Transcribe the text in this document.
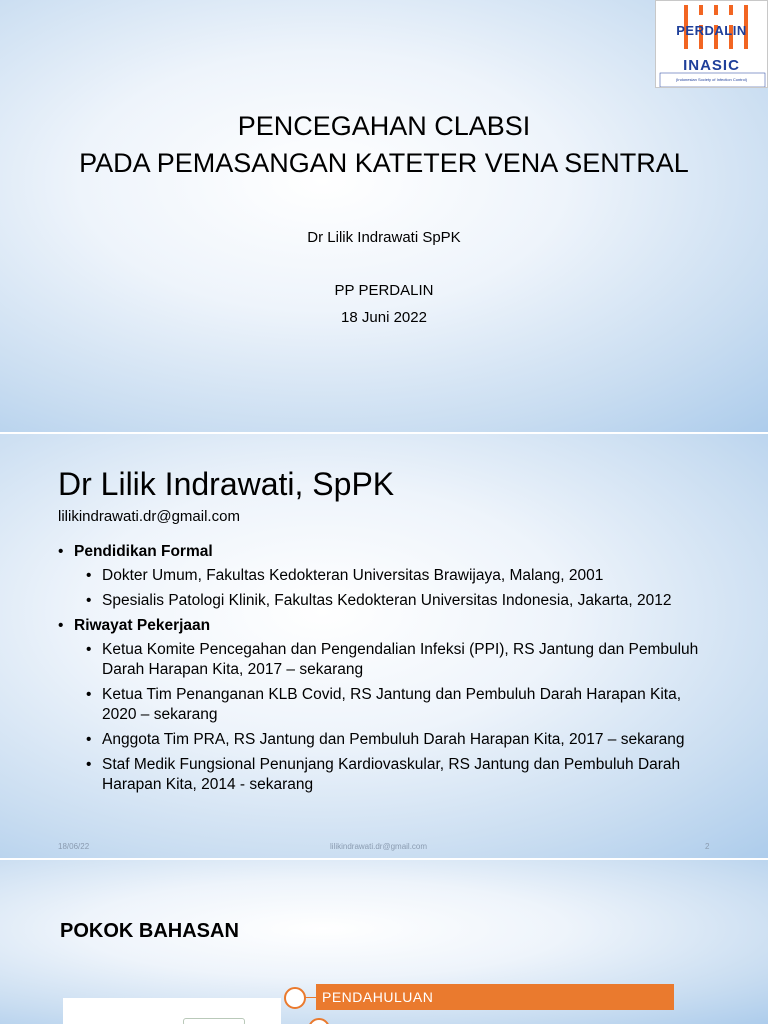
PERDALIN
INASIC
(Indonesian Society of Infection Control)
PENCEGAHAN CLABSI
PADA PEMASANGAN KATETER VENA SENTRAL
Dr Lilik Indrawati SpPK
PP PERDALIN
18 Juni 2022
Dr Lilik Indrawati, SpPK
lilikindrawati.dr@gmail.com
• Pendidikan Formal
• Dokter Umum, Fakultas Kedokteran Universitas Brawijaya, Malang, 2001
• Spesialis Patologi Klinik, Fakultas Kedokteran Universitas Indonesia, Jakarta, 2012
• Riwayat Pekerjaan
• Ketua Komite Pencegahan dan Pengendalian Infeksi (PPI), RS Jantung dan Pembuluh Darah Harapan Kita, 2017 – sekarang
• Ketua Tim Penanganan KLB Covid, RS Jantung dan Pembuluh Darah Harapan Kita, 2020 – sekarang
• Anggota Tim PRA, RS Jantung dan Pembuluh Darah Harapan Kita, 2017 – sekarang
• Staf Medik Fungsional Penunjang Kardiovaskular, RS Jantung dan Pembuluh Darah Harapan Kita, 2014 - sekarang
18/06/22	lilikindrawati.dr@gmail.com	2
POKOK BAHASAN
PENDAHULUAN
